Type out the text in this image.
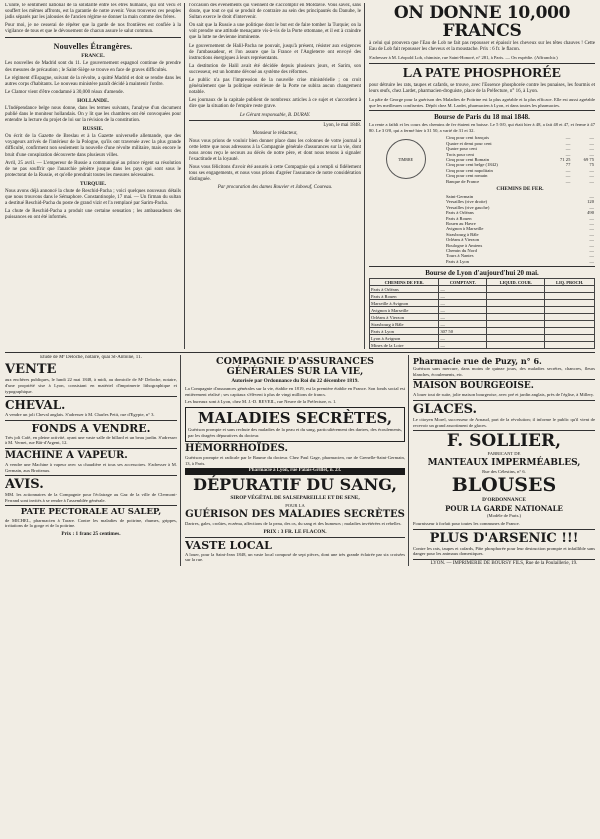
L'unité, le sentiment national de la solidarité entre les êtres humains, qui ont vécu et souffert les mêmes affronts, est la garantie de notre avenir. Vous trouverez ces peuples jadis séparés par les jalousies de l'ancien régime se donner la main comme des frères.

Pour moi, je ne cesserai de répéter que la garde de nos frontières est confiée à la vigilance de tous et que le dévouement de chacun assure le salut commun.

Nouvelles Étrangères.
FRANCE.

Les nouvelles de Madrid sont du 11. Le gouvernement espagnol continue de prendre des mesures de précaution ; le Saint-Siège se trouve en face de graves difficultés.

Le régiment d'Espagne, suivant de la révolte, a quitté Madrid et doit se rendre dans les autres corps d'habitants. Le nouveau ministère paraît décidé à maintenir l'ordre.

Le Clamor vient d'être condamné à 30,000 réaux d'amende.

HOLLANDE.

L'Indépendance belge nous donne, dans les termes suivants, l'analyse d'un document publié dans le moniteur hollandais. On y lit que les chambres ont été convoquées pour entendre la lecture du projet de loi sur la révision de la constitution.

RUSSIE.

On écrit de la Gazette de Breslau et à la Gazette universelle allemande, que des voyageurs arrivés de l'intérieur de la Pologne, qu'ils ont traversée avec la plus grande difficulté, confirment non seulement la nouvelle d'une révolte militaire, mais encore le bruit d'une conspiration découverte dans plusieurs villes.

Avril, 25 avril. — L'empereur de Russie a communiqué au prince régent sa résolution de ne pas souffrir que l'anarchie pénètre jusque dans les pays qui sont sous le protectorat de la Russie, et qu'elle prendrait toutes les mesures nécessaires.

TURQUIE.

Nous avons déjà annoncé la chute de Reschid-Pacha ; voici quelques nouveaux détails que nous trouvons dans le Sémaphore. Constantinople, 17 mai. — Un firman du sultan a destitué Reschid-Pacha du poste de grand vizir et l'a remplacé par Sarim-Pacha.

La chute de Reschid-Pacha a produit une certaine sensation ; les ambassadeurs des puissances en ont été informés.

l'occasion des événements qui viennent de s'accomplir en Moldavie. Vous savez, sans doute, que tout ce qui se produit de contraire au sein des principautés du Danube, le Sultan exerce le droit d'intervenir.

On sait que la Russie a une politique dont le but est de faire tomber la Turquie; on la voit prendre une attitude menaçante vis-à-vis de la Porte ottomane, et il est à craindre que la lutte ne devienne imminente.

Le gouvernement de Halil-Pacha ne pouvait, jusqu'à présent, résister aux exigences de l'ambassadeur, et l'on assure que la France et l'Angleterre ont envoyé des instructions énergiques à leurs représentants.

La destitution de Halil avait été décidée depuis plusieurs jours, et Sarim, son successeur, est un homme dévoué au système des réformes.

Le public n'a pas l'impression de la nouvelle crise ministérielle ; on croit généralement que la politique extérieure de la Porte ne subira aucun changement notable.

Les journaux de la capitale publient de nombreux articles à ce sujet et s'accordent à dire que la situation de l'empire reste grave.

Le Gérant responsable, B. DURAY.
Lyon, le mai 1848.
Monsieur le rédacteur,

Nous vous prions de vouloir bien donner place dans les colonnes de votre journal à cette lettre que nous adressons à la Compagnie générale d'assurances sur la vie, dont nous avons reçu le secours au décès de notre père, et dont nous tenons à signaler l'exactitude et la loyauté.

Nous vous félicitons d'avoir été assurés à cette Compagnie qui a rempli si fidèlement tous ses engagements, et nous vous prions d'agréer l'assurance de notre considération distinguée.

Par procuration des dames Rouvier et Jaboeuf, Coureau.
ON DONNE 10,000 FRANCS

à celui qui prouvera que l'Eau de Lob ne fait pas repousser et épaissir les cheveux sur les têtes chauves ! Cette Eau de Lob fait repousser les cheveux et la moustache. Prix : 6 fr. le flacon.

S'adresser à M. Léopold Lob, chimiste, rue Saint-Honoré, n° 281, à Paris. — On expédie. (Affranchir.)

LA PATE PHOSPHORÉE

pour détruire les rats, taupes et cafards, se trouve, avec l'Essence phosphorée contre les punaises, les fourmis et leurs œufs, chez Lardet, pharmacien-droguiste, place de la Préfecture, n° 16, à Lyon.

La pâte de George pour la guérison des Maladies de Poitrine est la plus agréable et la plus efficace. Elle est aussi agréable que les meilleures confiseries. Dépôt chez M. Lardet, pharmacien à Lyon, et dans toutes les pharmacies.

Bourse de Paris du 18 mai 1848.

La rente a faibli et les cours des chemins de fer étaient en baisse. Le 5 0/0, qui était hier à 48, a fait 48 et 47, et ferme à 47 80. Le 3 0/0, qui a fermé hier à 31 50, a varié de 31 et 32.

TIMBRE
Cinq pour cent français	—	—
Quatre et demi pour cent	—	—
Quatre pour cent	—	—
Trois pour cent	—	—
Cinq pour cent Romain	71 25	69 75
Cinq pour cent belge (1842)	77	75
Cinq pour cent napolitain	—	—
Cinq pour cent romain	—	—
Banque de France	—	—
CHEMINS DE FER.
Saint-Germain	—
Versailles (rive droite)	120
Versailles (rive gauche)	—
Paris à Orléans	490
Paris à Rouen	—
Rouen au Havre	—
Avignon à Marseille	—
Strasbourg à Bâle	—
Orléans à Vierzon	—
Boulogne à Amiens	—
Chemin du Nord	—
Tours à Nantes	—
Paris à Lyon	—
Bourse de Lyon d'aujourd'hui 20 mai.
CHEMINS DE FER.	COMPTANT.	LIQUID. COUR.	LIQ. PROCH.
Paris à Orléans	—		
Paris à Rouen	—		
Marseille à Avignon	—		
Avignon à Marseille	—		
Orléans à Vierzon	—		
Strasbourg à Bâle	—		
Paris à Lyon	307 50		
Lyon à Avignon	—		
Mines de la Loire	—		
Étude de Mᵉ Deloche, notaire, quai St-Antoine, 11.
VENTE

aux enchères publiques, le lundi 22 mai 1848, à midi, au domicile de Mᵉ Deloche, notaire, d'une propriété sise à Lyon, consistant en matériel d'imprimerie lithographique et typographique.

CHEVAL.

A vendre un joli Cheval anglais. S'adresser à M. Charles Petit, rue d'Egypte, n° 3.

FONDS A VENDRE.

Très joli Café, en pleine activité, ayant une vaste salle de billard et un beau jardin. S'adresser à M. Vernet, rue Bât-d'Argent, 12.

MACHINE A VAPEUR.

A vendre une Machine à vapeur avec sa chaudière et tous ses accessoires. S'adresser à M. Germain, aux Brotteaux.

AVIS.

MM. les actionnaires de la Compagnie pour l'éclairage au Gaz de la ville de Clermont-Ferrand sont invités à se rendre à l'assemblée générale.

PATE PECTORALE AU SALEP,

de MICHEL, pharmacien à Tarare. Contre les maladies de poitrine, rhumes, grippes, irritations de la gorge et de la poitrine.

Prix : 1 franc 25 centimes.
COMPAGNIE D'ASSURANCES GÉNÉRALES SUR LA VIE,
Autorisée par Ordonnance du Roi du 22 décembre 1819.

La Compagnie d'assurances générales sur la vie, établie en 1819, est la première établie en France. Son fonds social est entièrement réalisé ; ses capitaux s'élèvent à plus de vingt millions de francs.

Les bureaux sont à Lyon, chez M. J.-D. REVEIL, rue Neuve de la Préfecture, n. 1.

MALADIES SECRÈTES,

Guérison prompte et sans rechute des maladies de la peau et du sang, particulièrement des dartres, des écoulements, par les dragées dépuratives du docteur.

HÉMORRHOÏDES.

Guérison prompte et radicale par le Baume du docteur. Chez Paul Gage, pharmacien, rue de Grenelle-Saint-Germain, 13, à Paris.

Pharmacie à Lyon, rue Palais-Grillet, n. 23.
DÉPURATIF DU SANG,
SIROP VÉGÉTAL DE SALSEPAREILLE ET DE SENE,
POUR LA
GUÉRISON DES MALADIES SECRÈTES

Dartres, gales, croûtes, eczéma, affections de la peau, des os, du sang et des humeurs ; maladies invétérées et rebelles.

PRIX : 3 FR. LE FLACON.
VASTE LOCAL

A louer, pour la Saint-Jean 1848, un vaste local composé de sept pièces, dont une très grande éclairée par six croisées sur la rue.

Pharmacie rue de Puzy, n° 6.

Guérison sans mercure, dans moins de quinze jours, des maladies secrètes, chancres, fleurs blanches, écoulements, etc.

MAISON BOURGEOISE.

A louer tout de suite, jolie maison bourgeoise, avec pré et jardin anglais, près de l'église, à Millery.

GLACES.

Le citoyen Morel, successeur de Arnaud, part de la révolution; il informe le public qu'il vient de recevoir un grand assortiment de glaces.

F. SOLLIER,
FABRICANT DE
MANTEAUX IMPERMÉABLES,
Rue des Célestins, n° 6.
BLOUSES
D'ORDONNANCE
POUR LA GARDE NATIONALE
(Modèle de Paris.)

Fournisseur à forfait pour toutes les communes de France.

PLUS D'ARSENIC !!!

Contre les rats, taupes et cafards, Pâte phosphorée pour leur destruction prompte et infaillible sans danger pour les animaux domestiques.

LYON. — IMPRIMERIE DE BOURSY FILS, Rue de la Poulaillerie, 19.
